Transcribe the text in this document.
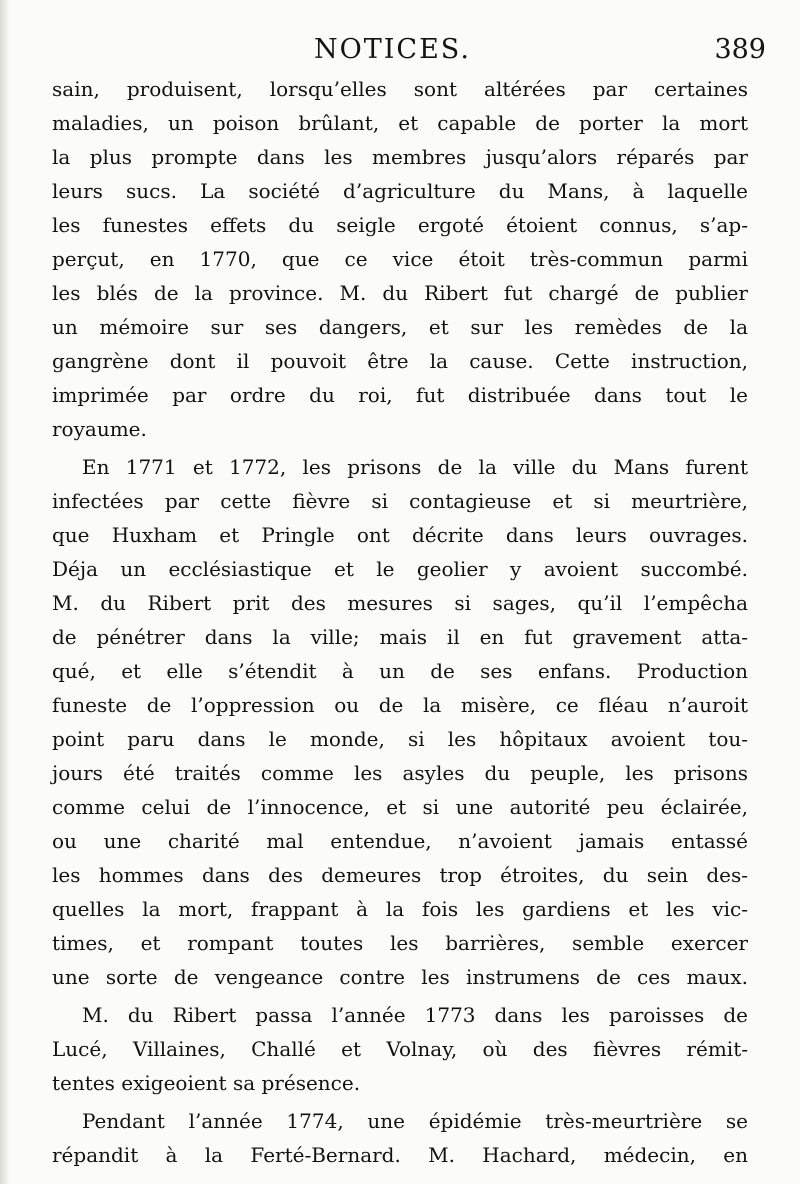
NOTICES.	389
sain, produisent, lorsqu’elles sont altérées par certaines
maladies, un poison brûlant, et capable de porter la mort
la plus prompte dans les membres jusqu’alors réparés par
leurs sucs. La société d’agriculture du Mans, à laquelle
les funestes effets du seigle ergoté étoient connus, s’ap-
perçut, en 1770, que ce vice étoit très-commun parmi
les blés de la province. M. du Ribert fut chargé de publier
un mémoire sur ses dangers, et sur les remèdes de la
gangrène dont il pouvoit être la cause. Cette instruction,
imprimée par ordre du roi, fut distribuée dans tout le
royaume.
En 1771 et 1772, les prisons de la ville du Mans furent
infectées par cette fièvre si contagieuse et si meurtrière,
que Huxham et Pringle ont décrite dans leurs ouvrages.
Déja un ecclésiastique et le geolier y avoient succombé.
M. du Ribert prit des mesures si sages, qu’il l’empêcha
de pénétrer dans la ville; mais il en fut gravement atta-
qué, et elle s’étendit à un de ses enfans. Production
funeste de l’oppression ou de la misère, ce fléau n’auroit
point paru dans le monde, si les hôpitaux avoient tou-
jours été traités comme les asyles du peuple, les prisons
comme celui de l’innocence, et si une autorité peu éclairée,
ou une charité mal entendue, n’avoient jamais entassé
les hommes dans des demeures trop étroites, du sein des-
quelles la mort, frappant à la fois les gardiens et les vic-
times, et rompant toutes les barrières, semble exercer
une sorte de vengeance contre les instrumens de ces maux.
M. du Ribert passa l’année 1773 dans les paroisses de
Lucé, Villaines, Challé et Volnay, où des fièvres rémit-
tentes exigeoient sa présence.
Pendant l’année 1774, une épidémie très-meurtrière se
répandit à la Ferté-Bernard. M. Hachard, médecin, en
